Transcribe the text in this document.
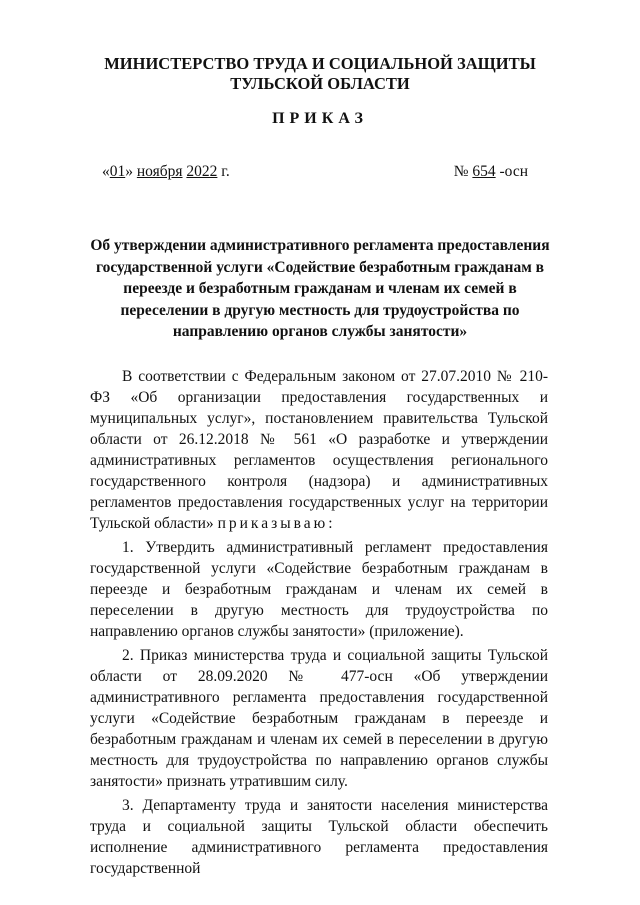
МИНИСТЕРСТВО ТРУДА И СОЦИАЛЬНОЙ ЗАЩИТЫ
ТУЛЬСКОЙ ОБЛАСТИ
ПРИКАЗ
«01» ноября 2022 г.	№ 654 -осн
Об утверждении административного регламента предоставления государственной услуги «Содействие безработным гражданам в переезде и безработным гражданам и членам их семей в переселении в другую местность для трудоустройства по направлению органов службы занятости»

В соответствии с Федеральным законом от 27.07.2010 № 210-ФЗ «Об организации предоставления государственных и муниципальных услуг», постановлением правительства Тульской области от 26.12.2018 № 561 «О разработке и утверждении административных регламентов осуществления регионального государственного контроля (надзора) и административных регламентов предоставления государственных услуг на территории Тульской области» приказываю:

1. Утвердить административный регламент предоставления государственной услуги «Содействие безработным гражданам в переезде и безработным гражданам и членам их семей в переселении в другую местность для трудоустройства по направлению органов службы занятости» (приложение).

2. Приказ министерства труда и социальной защиты Тульской области от 28.09.2020 № 477-осн «Об утверждении административного регламента предоставления государственной услуги «Содействие безработным гражданам в переезде и безработным гражданам и членам их семей в переселении в другую местность для трудоустройства по направлению органов службы занятости» признать утратившим силу.

3. Департаменту труда и занятости населения министерства труда и социальной защиты Тульской области обеспечить исполнение административного регламента предоставления государственной
